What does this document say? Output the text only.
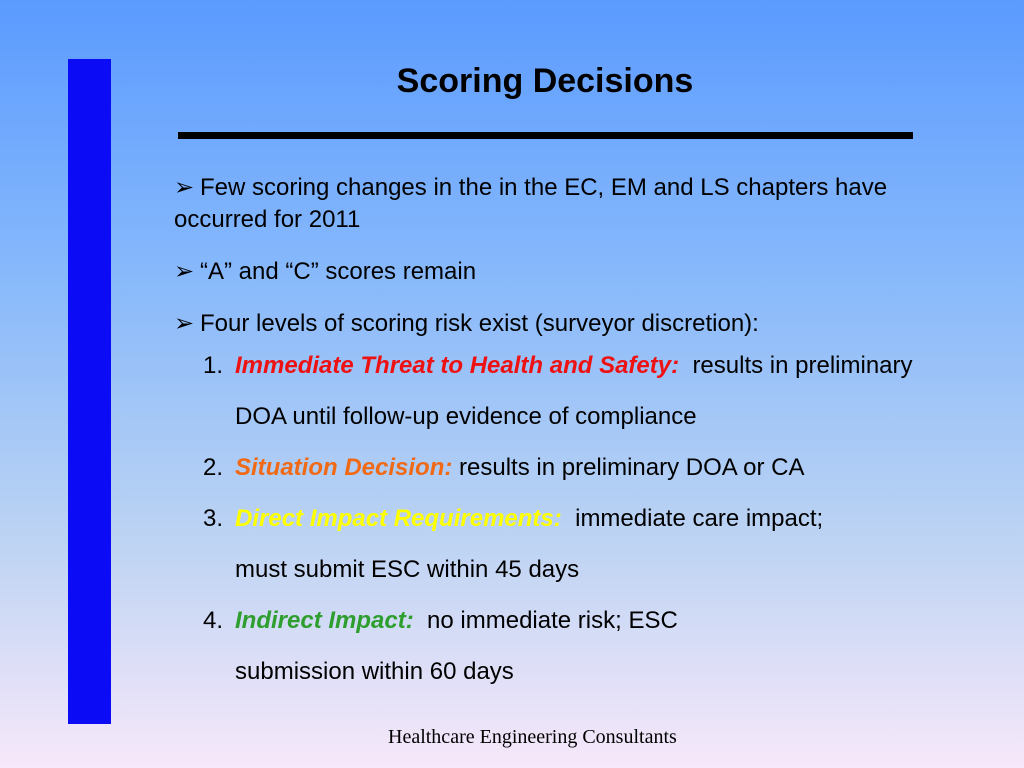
Scoring Decisions
➢ Few scoring changes in the in the EC, EM and LS chapters have occurred for 2011
➢ “A” and “C” scores remain
➢ Four levels of scoring risk exist (surveyor discretion):
1. Immediate Threat to Health and Safety: results in preliminary DOA until follow-up evidence of compliance
2. Situation Decision: results in preliminary DOA or CA
3. Direct Impact Requirements: immediate care impact; must submit ESC within 45 days
4. Indirect Impact: no immediate risk; ESC submission within 60 days
Healthcare Engineering Consultants
